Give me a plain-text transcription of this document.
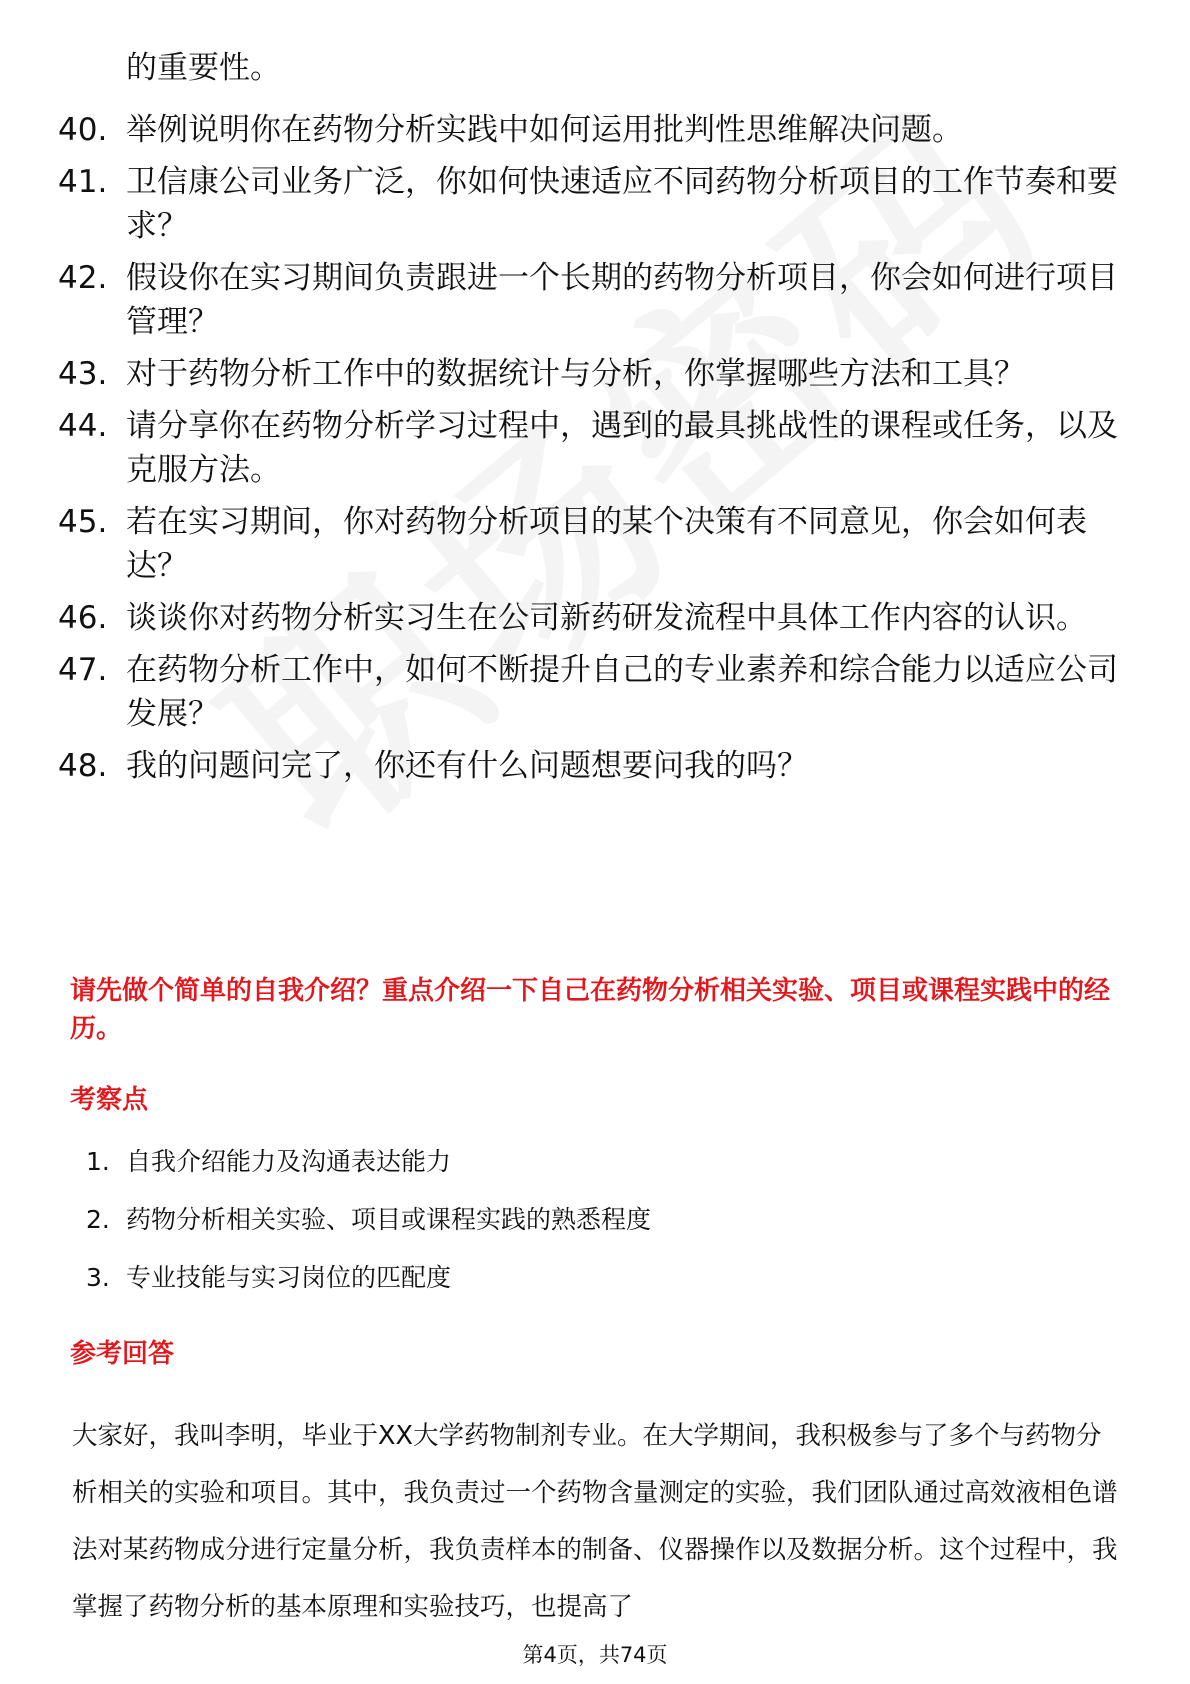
的重要性。

40. 举例说明你在药物分析实践中如何运用批判性思维解决问题。
41. 卫信康公司业务广泛，你如何快速适应不同药物分析项目的工作节奏和要求？
42. 假设你在实习期间负责跟进一个长期的药物分析项目，你会如何进行项目管理？
43. 对于药物分析工作中的数据统计与分析，你掌握哪些方法和工具？
44. 请分享你在药物分析学习过程中，遇到的最具挑战性的课程或任务，以及克服方法。
45. 若在实习期间，你对药物分析项目的某个决策有不同意见，你会如何表达？
46. 谈谈你对药物分析实习生在公司新药研发流程中具体工作内容的认识。
47. 在药物分析工作中，如何不断提升自己的专业素养和综合能力以适应公司发展？
48. 我的问题问完了，你还有什么问题想要问我的吗？

请先做个简单的自我介绍？重点介绍一下自己在药物分析相关实验、项目或课程实践中的经历。

考察点
1. 自我介绍能力及沟通表达能力
2. 药物分析相关实验、项目或课程实践的熟悉程度
3. 专业技能与实习岗位的匹配度
参考回答

大家好，我叫李明，毕业于XX大学药物制剂专业。在大学期间，我积极参与了多个与药物分析相关的实验和项目。其中，我负责过一个药物含量测定的实验，我们团队通过高效液相色谱法对某药物成分进行定量分析，我负责样本的制备、仪器操作以及数据分析。这个过程中，我掌握了药物分析的基本原理和实验技巧，也提高了

第4页，共74页
